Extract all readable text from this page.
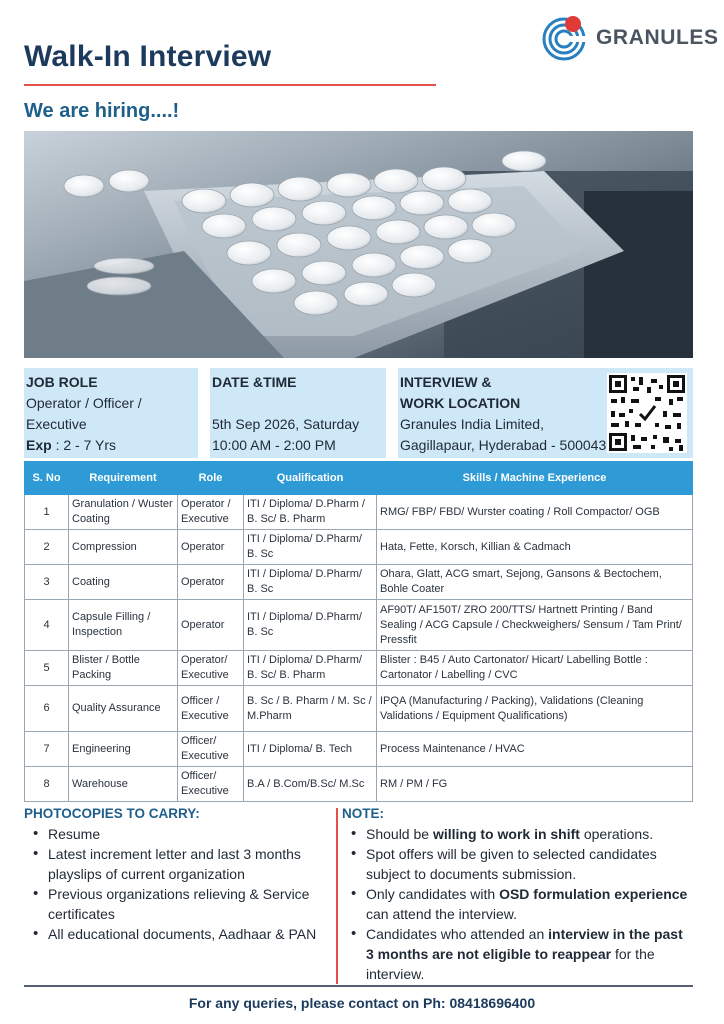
Walk-In Interview
We are hiring....!
GRANULES
JOB ROLE
Operator / Officer /
Executive
Exp : 2 - 7 Yrs
DATE &TIME
5th Sep 2026, Saturday
10:00 AM - 2:00 PM
INTERVIEW &
WORK LOCATION
Granules India Limited,
Gagillapaur, Hyderabad - 500043
S. No	Requirement	Role	Qualification	Skills / Machine Experience
1	Granulation / Wuster Coating	Operator / Executive	ITI / Diploma/ D.Pharm / B. Sc/ B. Pharm	RMG/ FBP/ FBD/ Wurster coating / Roll Compactor/ OGB
2	Compression	Operator	ITI / Diploma/ D.Pharm/ B. Sc	Hata, Fette, Korsch, Killian & Cadmach
3	Coating	Operator	ITI / Diploma/ D.Pharm/ B. Sc	Ohara, Glatt, ACG smart, Sejong, Gansons & Bectochem, Bohle Coater
4	Capsule Filling / Inspection	Operator	ITI / Diploma/ D.Pharm/ B. Sc	AF90T/ AF150T/ ZRO 200/TTS/ Hartnett Printing / Band Sealing / ACG Capsule / Checkweighers/ Sensum / Tam Print/ Pressfit
5	Blister / Bottle Packing	Operator/ Executive	ITI / Diploma/ D.Pharm/ B. Sc/ B. Pharm	Blister : B45 / Auto Cartonator/ Hicart/ Labelling Bottle : Cartonator / Labelling / CVC
6	Quality Assurance	Officer / Executive	B. Sc / B. Pharm / M. Sc / M.Pharm	IPQA (Manufacturing / Packing), Validations (Cleaning Validations / Equipment Qualifications)
7	Engineering	Officer/ Executive	ITI / Diploma/ B. Tech	Process Maintenance / HVAC
8	Warehouse	Officer/ Executive	B.A / B.Com/B.Sc/ M.Sc	RM / PM / FG
PHOTOCOPIES TO CARRY:
• Resume
• Latest increment letter and last 3 months playslips of current organization
• Previous organizations relieving & Service certificates
• All educational documents, Aadhaar & PAN
NOTE:
• Should be willing to work in shift operations.
• Spot offers will be given to selected candidates subject to documents submission.
• Only candidates with OSD formulation experience can attend the interview.
• Candidates who attended an interview in the past 3 months are not eligible to reappear for the interview.
For any queries, please contact on Ph: 08418696400
